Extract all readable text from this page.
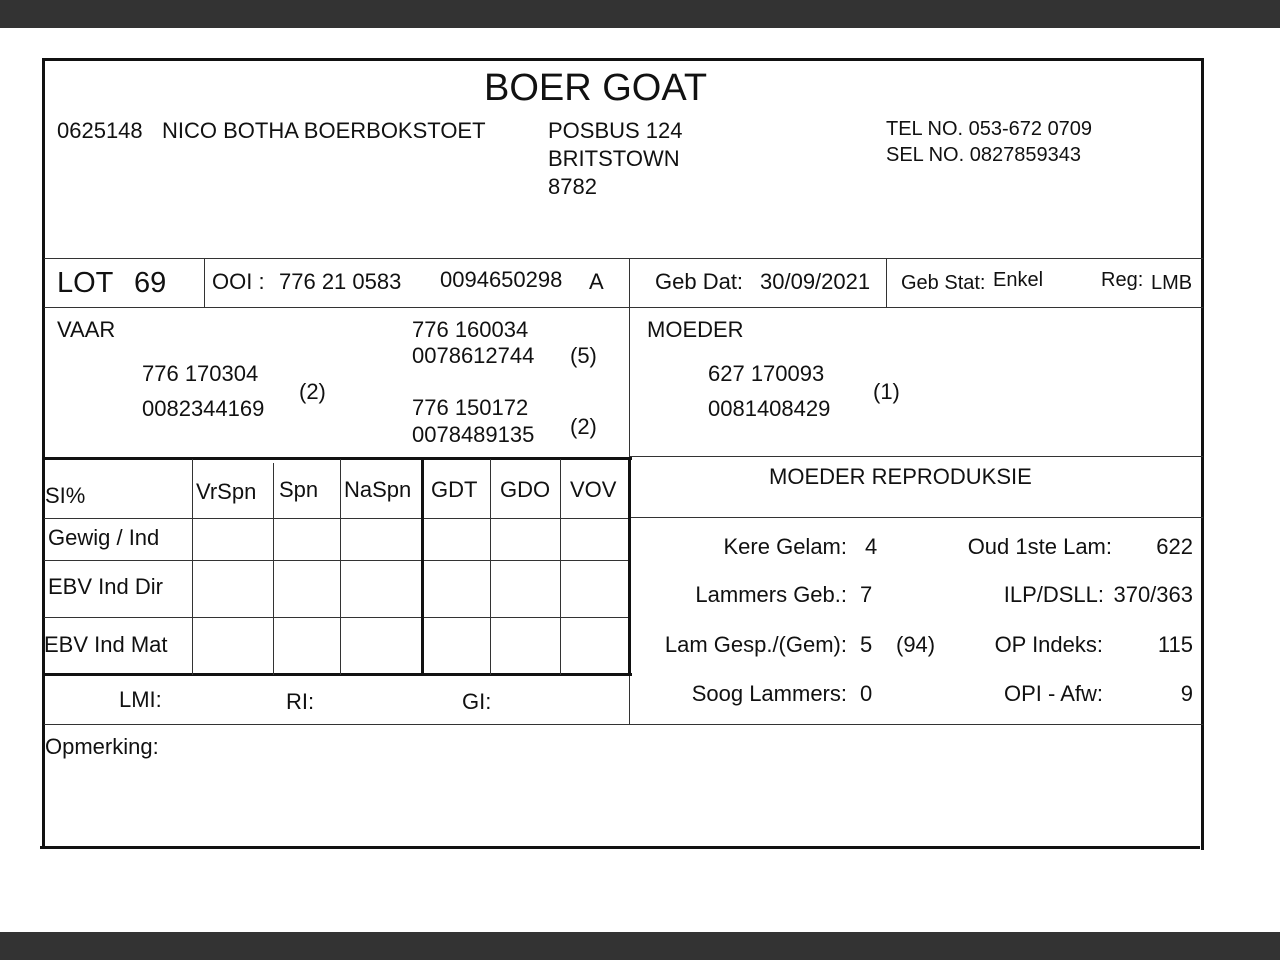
BOER GOAT
0625148 NICO BOTHA BOERBOKSTOET	POSBUS 124
BRITSTOWN
8782
TEL NO. 053-672 0709
SEL NO. 0827859343
LOT 69 OOI : 776 21 0583 0094650298 A Geb Dat: 30/09/2021 Geb Stat: Enkel	Reg: LMB
VAAR
776 170304
0082344169
(2)
776 160034
0078612744 (5)
776 150172
0078489135 (2)
MOEDER
627 170093
0081408429
(1)
SI%	VrSpn Spn NaSpn GDT GDO VOV
Gewig / Ind
EBV Ind Dir
EBV Ind Mat
LMI:	RI:	GI:
MOEDER REPRODUKSIE
Kere Gelam: 4	Oud 1ste Lam:	622
Lammers Geb.: 7	ILP/DSLL: 370/363
Lam Gesp./(Gem): 5 (94)	OP Indeks:	115
Soog Lammers: 0	OPI - Afw:	9
Opmerking:
